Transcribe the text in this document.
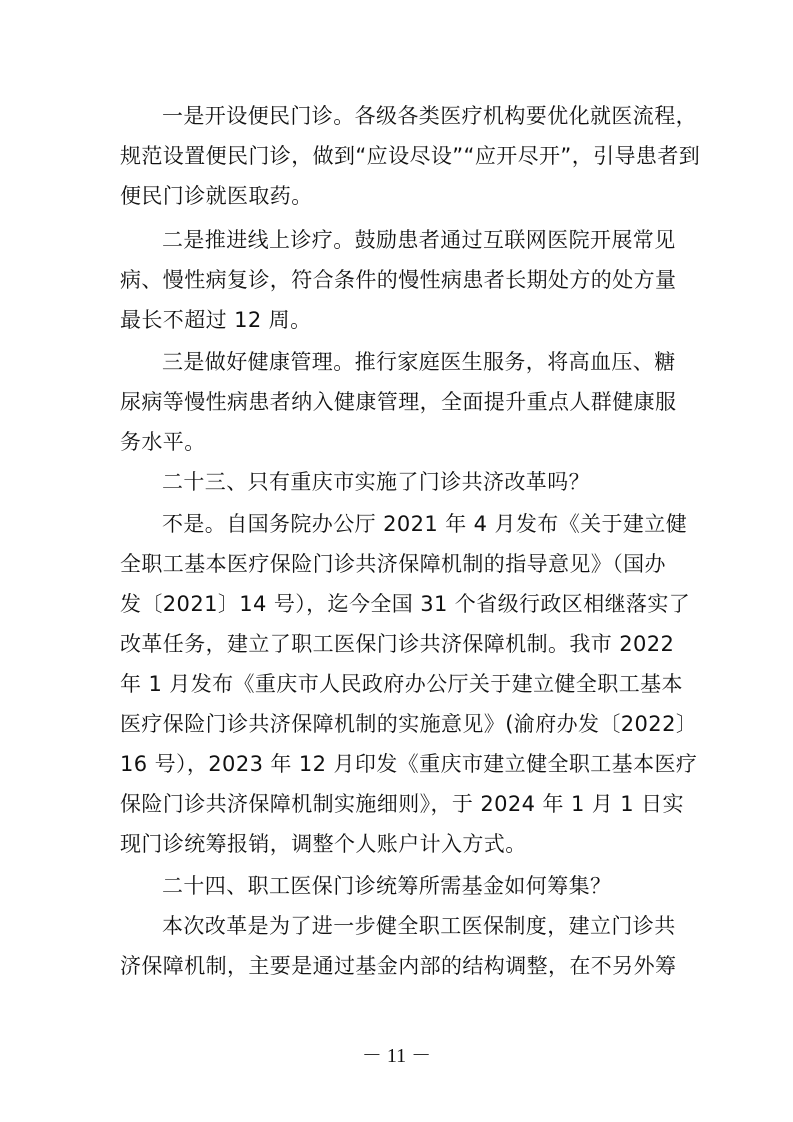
一是开设便民门诊。各级各类医疗机构要优化就医流程，
规范设置便民门诊，做到“应设尽设”“应开尽开”，引导患者到
便民门诊就医取药。
二是推进线上诊疗。鼓励患者通过互联网医院开展常见
病、慢性病复诊，符合条件的慢性病患者长期处方的处方量
最长不超过 12 周。
三是做好健康管理。推行家庭医生服务，将高血压、糖
尿病等慢性病患者纳入健康管理，全面提升重点人群健康服
务水平。
二十三、只有重庆市实施了门诊共济改革吗？
不是。自国务院办公厅 2021 年 4 月发布《关于建立健
全职工基本医疗保险门诊共济保障机制的指导意见》（国办
发〔2021〕14 号），迄今全国 31 个省级行政区相继落实了
改革任务，建立了职工医保门诊共济保障机制。我市 2022
年 1 月发布《重庆市人民政府办公厅关于建立健全职工基本
医疗保险门诊共济保障机制的实施意见》(渝府办发〔2022〕
16 号），2023 年 12 月印发《重庆市建立健全职工基本医疗
保险门诊共济保障机制实施细则》，于 2024 年 1 月 1 日实
现门诊统筹报销，调整个人账户计入方式。
二十四、职工医保门诊统筹所需基金如何筹集？
本次改革是为了进一步健全职工医保制度，建立门诊共
济保障机制，主要是通过基金内部的结构调整，在不另外筹
－ 11 －
